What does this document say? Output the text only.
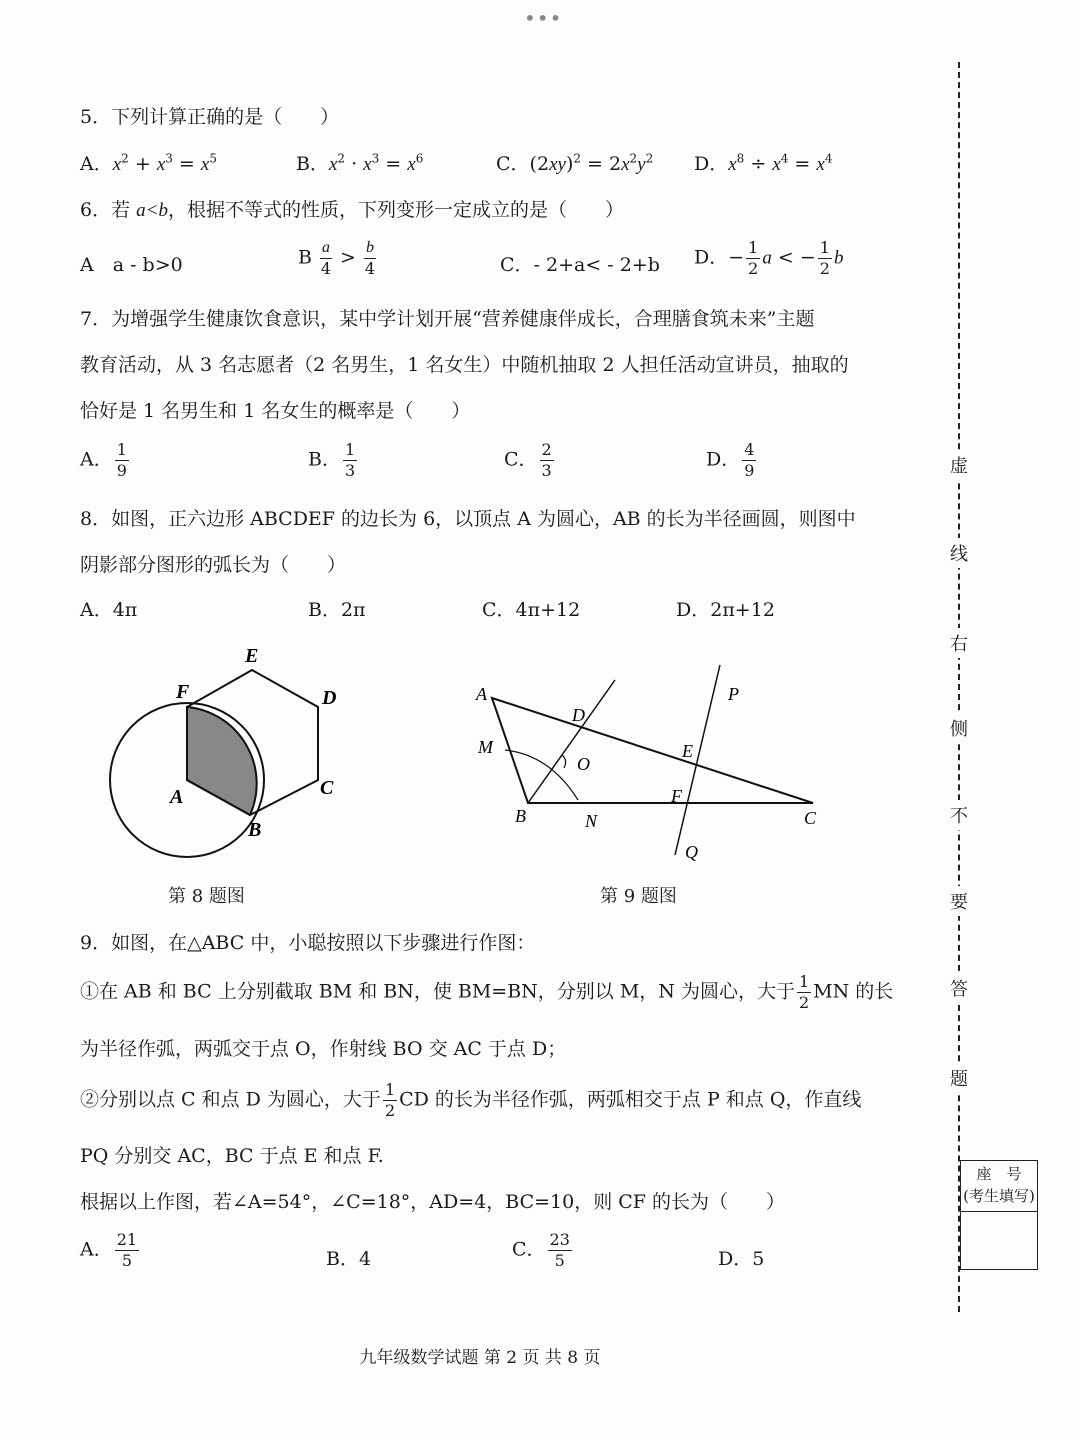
•••
5．下列计算正确的是（　　）
A．$x^2 + x^3 = x^5$	B．$x^2 \cdot x^3 = x^6$	C．$(2xy)^2 = 2x^2y^2$ D．$x^8 \div x^4 = x^4$
6．若 a<b，根据不等式的性质，下列变形一定成立的是（　　）
A　a - b>0	B $\frac{a}{4} > \frac{b}{4}$	C．- 2+a< - 2+b D．− $\frac{1}{2}$ a < − $\frac{1}{2}$ b
7．为增强学生健康饮食意识，某中学计划开展“营养健康伴成长，合理膳食筑未来”主题
教育活动，从 3 名志愿者（2 名男生，1 名女生）中随机抽取 2 人担任活动宣讲员，抽取的
恰好是 1 名男生和 1 名女生的概率是（　　）
A． $\frac{1}{9}$	B． $\frac{1}{3}$	C． $\frac{2}{3}$	D． $\frac{4}{9}$
8．如图，正六边形 ABCDEF 的边长为 6，以顶点 A 为圆心，AB 的长为半径画圆，则图中
阴影部分图形的弧长为（　　）
A．4π	B．2π	C．4π+12	D．2π+12
F
E
D
C
B
A
第 8 题图
A
M
B	N
D
O
E
F
C
P
Q
第 9 题图
9．如图，在△ABC 中，小聪按照以下步骤进行作图：
①在 AB 和 BC 上分别截取 BM 和 BN，使 BM=BN，分别以 M，N 为圆心，大于 $\frac{1}{2}$ MN 的长
为半径作弧，两弧交于点 O，作射线 BO 交 AC 于点 D；
②分别以点 C 和点 D 为圆心，大于 $\frac{1}{2}$ CD 的长为半径作弧，两弧相交于点 P 和点 Q，作直线
PQ 分别交 AC，BC 于点 E 和点 F.
根据以上作图，若∠A=54°，∠C=18°，AD=4，BC=10，则 CF 的长为（　　）
A． $\frac{21}{5}$	B．4	C． $\frac{23}{5}$	D．5
虚
线
右
侧
不
要
答
题
座　号
(考生填写)
九年级数学试题 第 2 页 共 8 页
